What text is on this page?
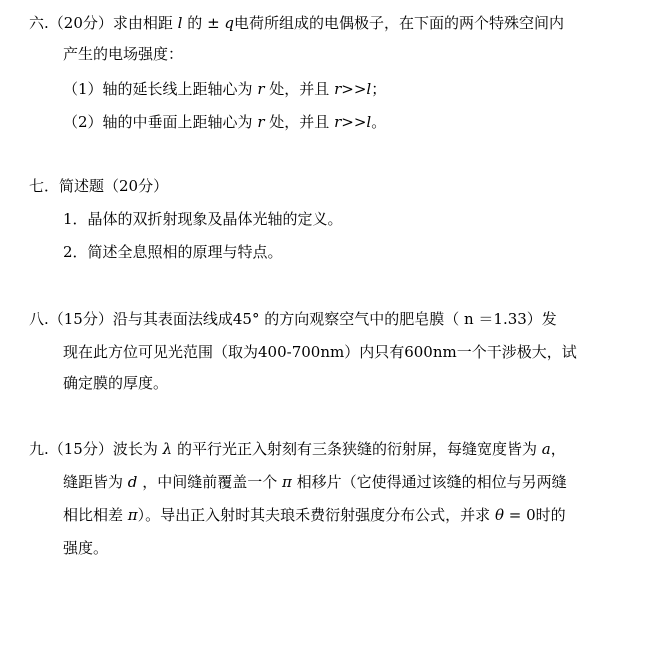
六.（20分）求由相距 l 的 ± q电荷所组成的电偶极子，在下面的两个特殊空间内
产生的电场强度：
（1）轴的延长线上距轴心为 r 处，并且 r>>l；
（2）轴的中垂面上距轴心为 r 处，并且 r>>l。
七．简述题（20分）
1．晶体的双折射现象及晶体光轴的定义。
2．简述全息照相的原理与特点。
八.（15分）沿与其表面法线成45° 的方向观察空气中的肥皂膜（ n ＝1.33）发
现在此方位可见光范围（取为400-700nm）内只有600nm一个干涉极大，试
确定膜的厚度。
九.（15分）波长为 λ 的平行光正入射刻有三条狭缝的衍射屏，每缝宽度皆为 a，
缝距皆为 d ，中间缝前覆盖一个 π 相移片（它使得通过该缝的相位与另两缝
相比相差 π）。导出正入射时其夫琅禾费衍射强度分布公式，并求 θ = 0时的
强度。
